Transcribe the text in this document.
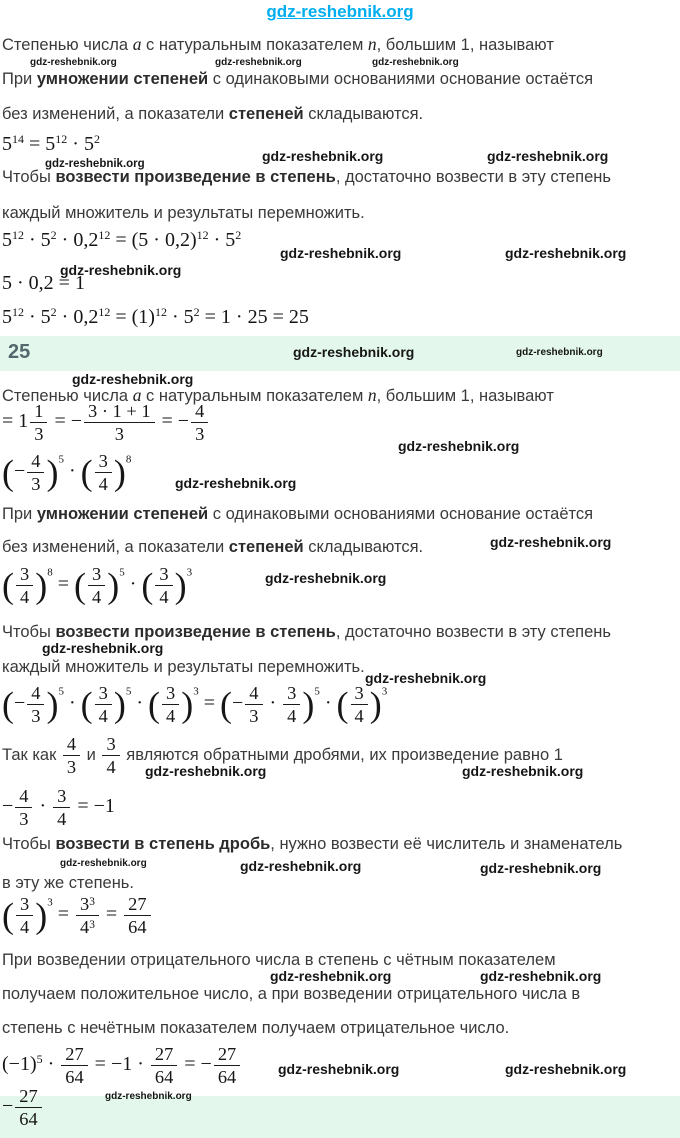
gdz-reshebnik.org
Степенью числа a с натуральным показателем n, большим 1, называют
При умножении степеней с одинаковыми основаниями основание остаётся
без изменений, а показатели степеней складываются.
Чтобы возвести произведение в степень, достаточно возвести в эту степень
каждый множитель и результаты перемножить.
$5^{14} = 5^{12} \cdot 5^2$
$5^{12} \cdot 5^2 \cdot 0,2^{12} = (5 \cdot 0,2)^{12} \cdot 5^2$
5 · 0,2 = 1
$5^{12} \cdot 5^2 \cdot 0,2^{12} = (1)^{12} \cdot 5^2 = 1 \cdot 25 = 25$
25
Степенью числа a с натуральным показателем n, большим 1, называют
При умножении степеней с одинаковыми основаниями основание остаётся
без изменений, а показатели степеней складываются.
Чтобы возвести произведение в степень, достаточно возвести в эту степень
каждый множитель и результаты перемножить.
Чтобы возвести в степень дробь, нужно возвести её числитель и знаменатель
в эту же степень.
При возведении отрицательного числа в степень с чётным показателем
получаем положительное число, а при возведении отрицательного числа в
степень с нечётным показателем получаем отрицательное число.
= $1 \frac{1}{3}$ = − $\frac{3 \cdot 1 + 1}{3}$ = − $\frac{4}{3}$
(− $\frac{4}{3} )^5$ · ( $\frac{3}{4} )^8$
( $\frac{3}{4} )^8$ = ( $\frac{3}{4} )^5$ · ( $\frac{3}{4} )^3$
(− $\frac{4}{3} )^5$ · ( $\frac{3}{4} )^5$ · ( $\frac{3}{4} )^3$ = (− $\frac{4}{3} \cdot \frac{3}{4} )^5$ · ( $\frac{3}{4} )^3$
Так как $\frac{4}{3}$ и $\frac{3}{4}$ являются обратными дробями, их произведение равно 1
− $\frac{4}{3} \cdot \frac{3}{4} = -1$
( $\frac{3}{4} )^3 = \frac{3^3}{4^3} = \frac{27}{64}$
$(-1)^5 \cdot \frac{27}{64} = -1 \cdot \frac{27}{64}$ = − $\frac{27}{64}$
− $\frac{27}{64}$
gdz-reshebnik.org	gdz-reshebnik.org	gdz-reshebnik.org
gdz-reshebnik.org	gdz-reshebnik.org
gdz-reshebnik.org
gdz-reshebnik.org	gdz-reshebnik.org
gdz-reshebnik.org
gdz-reshebnik.org	gdz-reshebnik.org
gdz-reshebnik.org
gdz-reshebnik.org
gdz-reshebnik.org
gdz-reshebnik.org
gdz-reshebnik.org
gdz-reshebnik.org
gdz-reshebnik.org
gdz-reshebnik.org	gdz-reshebnik.org
gdz-reshebnik.org	gdz-reshebnik.org	gdz-reshebnik.org
gdz-reshebnik.org	gdz-reshebnik.org
gdz-reshebnik.org	gdz-reshebnik.org
gdz-reshebnik.org
